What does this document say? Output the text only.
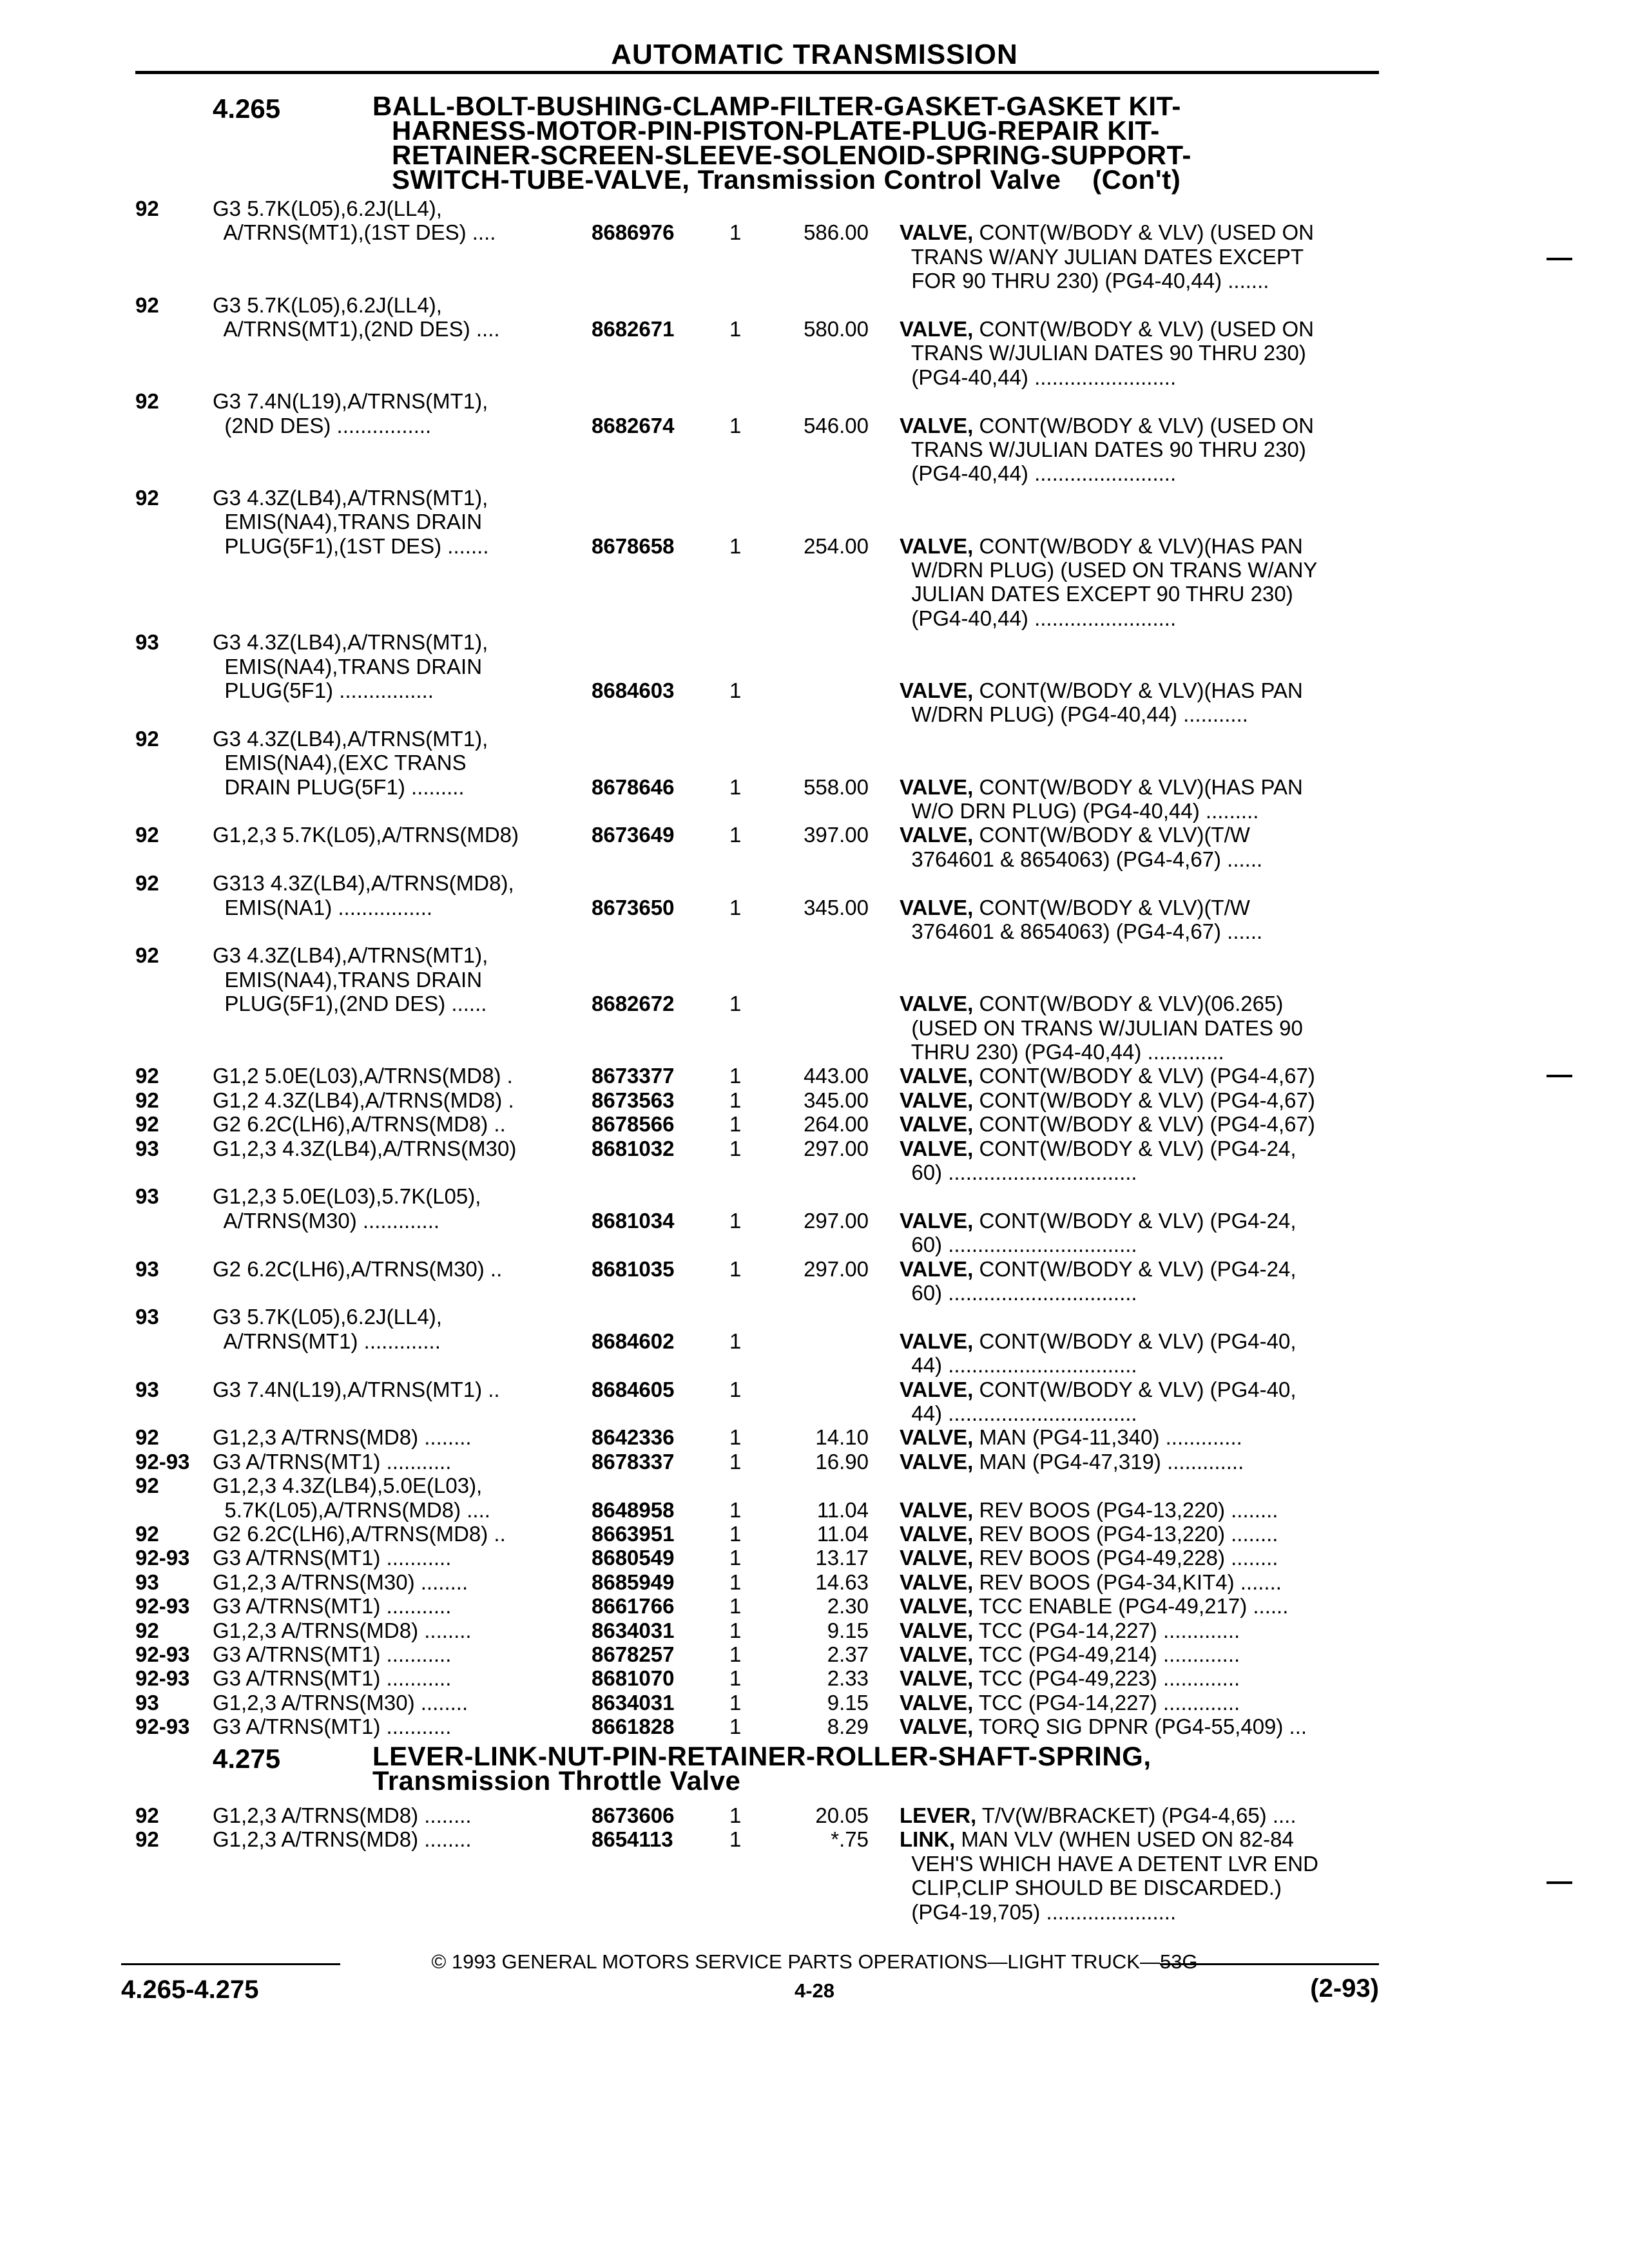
AUTOMATIC TRANSMISSION
4.265	BALL-BOLT-BUSHING-CLAMP-FILTER-GASKET-GASKET KIT-
HARNESS-MOTOR-PIN-PISTON-PLATE-PLUG-REPAIR KIT-
RETAINER-SCREEN-SLEEVE-SOLENOID-SPRING-SUPPORT-
SWITCH-TUBE-VALVE, Transmission Control Valve    (Con't)
92	G3 5.7K(L05),6.2J(LL4),
A/TRNS(MT1),(1ST DES) ....	8686976	1	586.00 VALVE, CONT(W/BODY & VLV) (USED ON
TRANS W/ANY JULIAN DATES EXCEPT
FOR 90 THRU 230) (PG4-40,44) .......
92	G3 5.7K(L05),6.2J(LL4),
A/TRNS(MT1),(2ND DES) ....	8682671	1	580.00 VALVE, CONT(W/BODY & VLV) (USED ON
TRANS W/JULIAN DATES 90 THRU 230)
(PG4-40,44) ........................
92	G3 7.4N(L19),A/TRNS(MT1),
(2ND DES) ................	8682674	1	546.00 VALVE, CONT(W/BODY & VLV) (USED ON
TRANS W/JULIAN DATES 90 THRU 230)
(PG4-40,44) ........................
92	G3 4.3Z(LB4),A/TRNS(MT1),
EMIS(NA4),TRANS DRAIN
PLUG(5F1),(1ST DES) .......	8678658	1	254.00 VALVE, CONT(W/BODY & VLV)(HAS PAN
W/DRN PLUG) (USED ON TRANS W/ANY
JULIAN DATES EXCEPT 90 THRU 230)
(PG4-40,44) ........................
93	G3 4.3Z(LB4),A/TRNS(MT1),
EMIS(NA4),TRANS DRAIN
PLUG(5F1) ................	8684603	1	VALVE, CONT(W/BODY & VLV)(HAS PAN
W/DRN PLUG) (PG4-40,44) ...........
92	G3 4.3Z(LB4),A/TRNS(MT1),
EMIS(NA4),(EXC TRANS
DRAIN PLUG(5F1) .........	8678646	1	558.00 VALVE, CONT(W/BODY & VLV)(HAS PAN
W/O DRN PLUG) (PG4-40,44) .........
92	G1,2,3 5.7K(L05),A/TRNS(MD8)	8673649	1	397.00 VALVE, CONT(W/BODY & VLV)(T/W
3764601 & 8654063) (PG4-4,67) ......
92	G313 4.3Z(LB4),A/TRNS(MD8),
EMIS(NA1) ................	8673650	1	345.00 VALVE, CONT(W/BODY & VLV)(T/W
3764601 & 8654063) (PG4-4,67) ......
92	G3 4.3Z(LB4),A/TRNS(MT1),
EMIS(NA4),TRANS DRAIN
PLUG(5F1),(2ND DES) ......	8682672	1	VALVE, CONT(W/BODY & VLV)(06.265)
(USED ON TRANS W/JULIAN DATES 90
THRU 230) (PG4-40,44) .............
92	G1,2 5.0E(L03),A/TRNS(MD8) .	8673377	1	443.00 VALVE, CONT(W/BODY & VLV) (PG4-4,67)
92	G1,2 4.3Z(LB4),A/TRNS(MD8) .	8673563	1	345.00 VALVE, CONT(W/BODY & VLV) (PG4-4,67)
92	G2 6.2C(LH6),A/TRNS(MD8) ..	8678566	1	264.00 VALVE, CONT(W/BODY & VLV) (PG4-4,67)
93	G1,2,3 4.3Z(LB4),A/TRNS(M30)	8681032	1	297.00 VALVE, CONT(W/BODY & VLV) (PG4-24,
60) ................................
93	G1,2,3 5.0E(L03),5.7K(L05),
A/TRNS(M30) .............	8681034	1	297.00 VALVE, CONT(W/BODY & VLV) (PG4-24,
60) ................................
93	G2 6.2C(LH6),A/TRNS(M30) ..	8681035	1	297.00 VALVE, CONT(W/BODY & VLV) (PG4-24,
60) ................................
93	G3 5.7K(L05),6.2J(LL4),
A/TRNS(MT1) .............	8684602	1	VALVE, CONT(W/BODY & VLV) (PG4-40,
44) ................................
93	G3 7.4N(L19),A/TRNS(MT1) ..	8684605	1	VALVE, CONT(W/BODY & VLV) (PG4-40,
44) ................................
92	G1,2,3 A/TRNS(MD8) ........	8642336	1	14.10 VALVE, MAN (PG4-11,340) .............
92-93 G3 A/TRNS(MT1) ...........	8678337	1	16.90 VALVE, MAN (PG4-47,319) .............
92	G1,2,3 4.3Z(LB4),5.0E(L03),
5.7K(L05),A/TRNS(MD8) ....	8648958	1	11.04 VALVE, REV BOOS (PG4-13,220) ........
92	G2 6.2C(LH6),A/TRNS(MD8) ..	8663951	1	11.04 VALVE, REV BOOS (PG4-13,220) ........
92-93 G3 A/TRNS(MT1) ...........	8680549	1	13.17 VALVE, REV BOOS (PG4-49,228) ........
93	G1,2,3 A/TRNS(M30) ........	8685949	1	14.63 VALVE, REV BOOS (PG4-34,KIT4) .......
92-93 G3 A/TRNS(MT1) ...........	8661766	1	2.30 VALVE, TCC ENABLE (PG4-49,217) ......
92	G1,2,3 A/TRNS(MD8) ........	8634031	1	9.15 VALVE, TCC (PG4-14,227) .............
92-93 G3 A/TRNS(MT1) ...........	8678257	1	2.37 VALVE, TCC (PG4-49,214) .............
92-93 G3 A/TRNS(MT1) ...........	8681070	1	2.33 VALVE, TCC (PG4-49,223) .............
93	G1,2,3 A/TRNS(M30) ........	8634031	1	9.15 VALVE, TCC (PG4-14,227) .............
92-93 G3 A/TRNS(MT1) ...........	8661828	1	8.29 VALVE, TORQ SIG DPNR (PG4-55,409) ...
4.275	LEVER-LINK-NUT-PIN-RETAINER-ROLLER-SHAFT-SPRING,
Transmission Throttle Valve
92	G1,2,3 A/TRNS(MD8) ........	8673606	1	20.05 LEVER, T/V(W/BRACKET) (PG4-4,65) ....
92	G1,2,3 A/TRNS(MD8) ........	8654113	1	*.75 LINK, MAN VLV (WHEN USED ON 82-84
VEH'S WHICH HAVE A DETENT LVR END
CLIP,CLIP SHOULD BE DISCARDED.)
(PG4-19,705) ......................
© 1993 GENERAL MOTORS SERVICE PARTS OPERATIONS—LIGHT TRUCK—53G
4.265-4.275	4-28	(2-93)
